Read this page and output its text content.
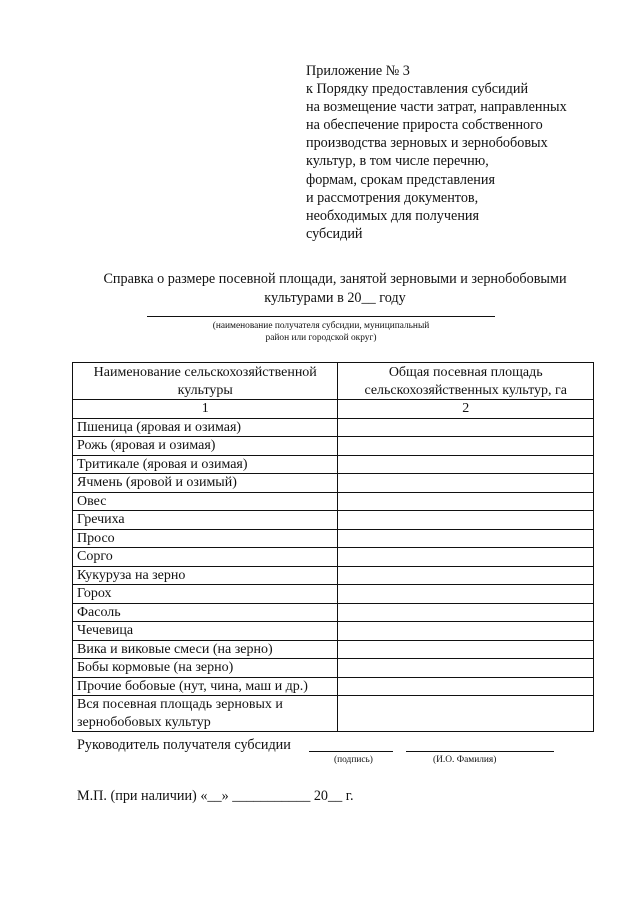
Приложение № 3
к Порядку предоставления субсидий
на возмещение части затрат, направленных
на обеспечение прироста собственного
производства зерновых и зернобобовых
культур, в том числе перечню,
формам, срокам представления
и рассмотрения документов,
необходимых для получения
субсидий
Справка о размере посевной площади, занятой зерновыми и зернобобовыми
культурами в 20__ году
(наименование получателя субсидии, муниципальный
район или городской округ)
Наименование сельскохозяйственной культуры	Общая посевная площадь сельскохозяйственных культур, га
1	2
Пшеница (яровая и озимая)	
Рожь (яровая и озимая)	
Тритикале (яровая и озимая)	
Ячмень (яровой и озимый)	
Овес	
Гречиха	
Просо	
Сорго	
Кукуруза на зерно	
Горох	
Фасоль	
Чечевица	
Вика и виковые смеси (на зерно)	
Бобы кормовые (на зерно)	
Прочие бобовые (нут, чина, маш и др.)	

Вся посевная площадь зерновых и
зернобобовых культур	

Руководитель получателя субсидии
(подпись)	(И.О. Фамилия)
М.П. (при наличии) «__» ___________ 20__ г.
